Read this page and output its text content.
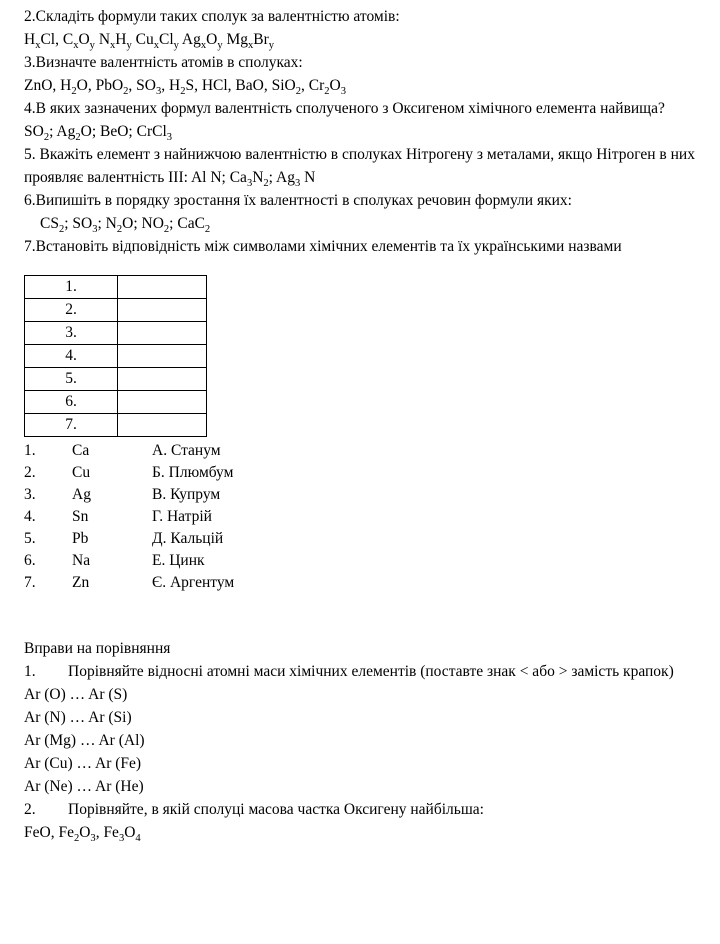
2.Складіть формули таких сполук за валентністю атомів:
$H_xCl$, $C_xO_y$ $N_xH_y$ $Cu_xCl_y$ $Ag_xO_y$ $Mg_xBr_y$
3.Визначте валентність атомів в сполуках:
ZnO, $H_2O$, PbO$_2$, $SO_3$, $H_2S$, HCl, BaO, SiO$_2$, $Cr_2O_3$
4.В яких зазначених формул валентність сполученого з Оксигеном хімічного елемента найвища?
$SO_2$; $Ag_2O$; BeO; CrCl$_3$
5. Вкажіть елемент з найнижчою валентністю в сполуках Нітрогену з металами, якщо Нітроген в них проявляє валентність III: Al N; $Ca_3N_2$; $Ag_3$ N
6.Випишіть в порядку зростання їх валентності в сполуках речовин формули яких:
$CS_2$; $SO_3$; $N_2O$; $NO_2$; CaC$_2$
7.Встановіть відповідність між символами хімічних елементів та їх українськими назвами
1.	
2.	
3.	
4.	
5.	
6.	
7.	
1.	Ca	А. Станум
2.	Cu	Б. Плюмбум
3.	Ag	В. Купрум
4.	Sn	Г. Натрій
5.	Pb	Д. Кальцій
6.	Na	Е. Цинк
7.	Zn	Є. Аргентум
Вправи на порівняння
1. Порівняйте відносні атомні маси хімічних елементів (поставте знак < або > замість крапок)
Ar (O) … Ar (S)
Ar (N) … Ar (Si)
Ar (Mg) … Ar (Al)
Ar (Cu) … Ar (Fe)
Ar (Ne) … Ar (He)
2. Порівняйте, в якій сполуці масова частка Оксигену найбільша:
FeO, $Fe_2O_3$, $Fe_3O_4$
